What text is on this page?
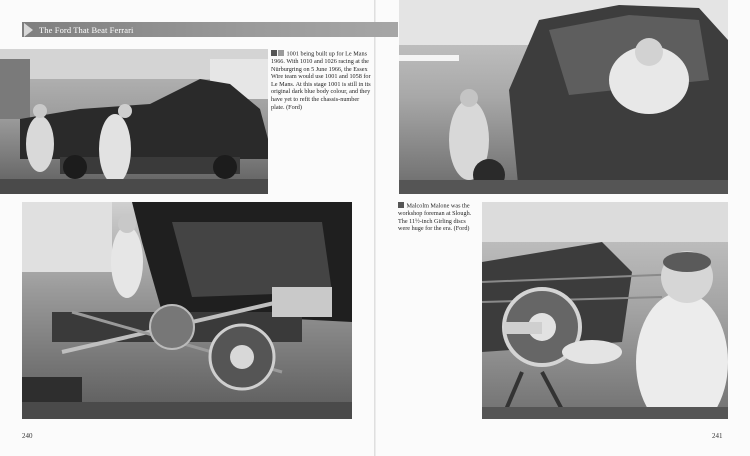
The Ford That Beat Ferrari
1001 being built up for Le Mans 1966. With 1010 and 1026 racing at the Nürburgring on 5 June 1966, the Essex Wire team would use 1001 and 1058 for Le Mans. At this stage 1001 is still in its original dark blue body colour, and they have yet to refit the chassis-number plate. (Ford)
Malcolm Malone was the workshop foreman at Slough. The 11½-inch Girling discs were huge for the era. (Ford)
240	241
